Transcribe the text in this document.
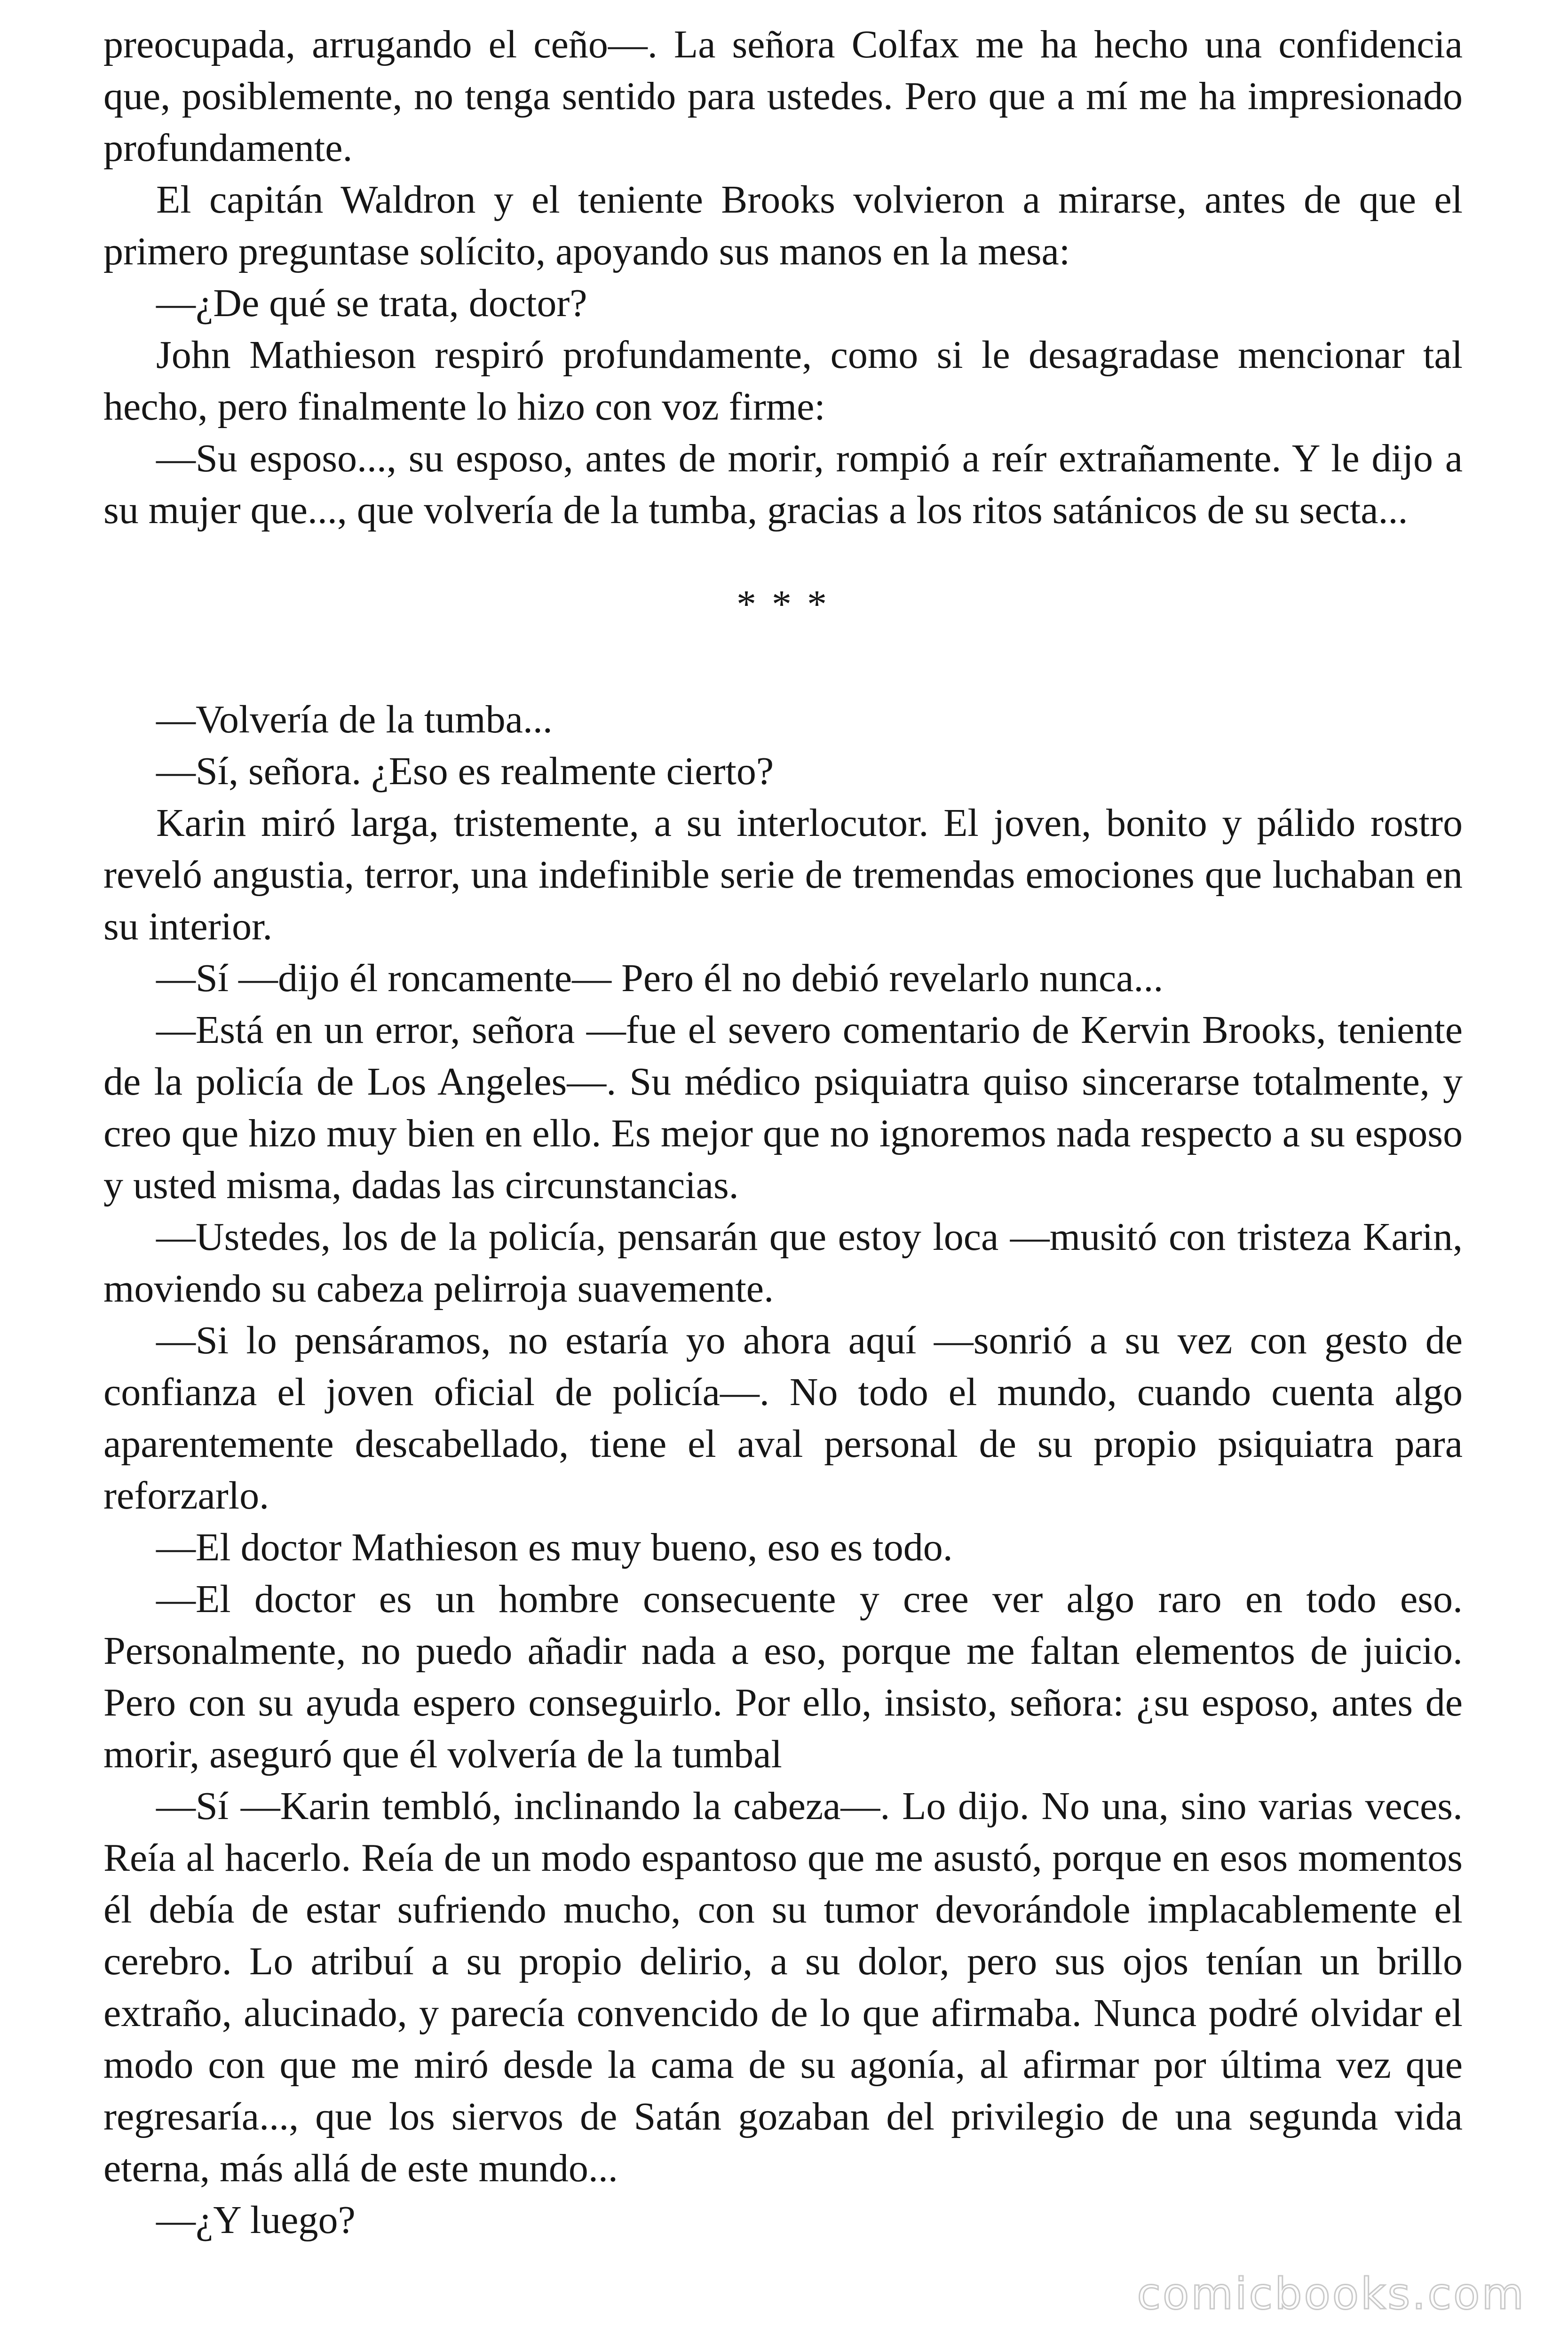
preocupada, arrugando el ceño—. La señora Colfax me ha hecho una confidencia que, posiblemente, no tenga sentido para ustedes. Pero que a mí me ha impresionado profundamente.

El capitán Waldron y el teniente Brooks volvieron a mirarse, antes de que el primero preguntase solícito, apoyando sus manos en la mesa:

—¿De qué se trata, doctor?

John Mathieson respiró profundamente, como si le desagradase mencionar tal hecho, pero finalmente lo hizo con voz firme:

—Su esposo..., su esposo, antes de morir, rompió a reír extrañamente. Y le dijo a su mujer que..., que volvería de la tumba, gracias a los ritos satánicos de su secta...

* * *

—Volvería de la tumba...

—Sí, señora. ¿Eso es realmente cierto?

Karin miró larga, tristemente, a su interlocutor. El joven, bonito y pálido rostro reveló angustia, terror, una indefinible serie de tremendas emociones que luchaban en su interior.

—Sí —dijo él roncamente— Pero él no debió revelarlo nunca...

—Está en un error, señora —fue el severo comentario de Kervin Brooks, teniente de la policía de Los Angeles—. Su médico psiquiatra quiso sincerarse totalmente, y creo que hizo muy bien en ello. Es mejor que no ignoremos nada respecto a su esposo y usted misma, dadas las circunstancias.

—Ustedes, los de la policía, pensarán que estoy loca —musitó con tristeza Karin, moviendo su cabeza pelirroja suavemente.

—Si lo pensáramos, no estaría yo ahora aquí —sonrió a su vez con gesto de confianza el joven oficial de policía—. No todo el mundo, cuando cuenta algo aparentemente descabellado, tiene el aval personal de su propio psiquiatra para reforzarlo.

—El doctor Mathieson es muy bueno, eso es todo.

—El doctor es un hombre consecuente y cree ver algo raro en todo eso. Personalmente, no puedo añadir nada a eso, porque me faltan elementos de juicio. Pero con su ayuda espero conseguirlo. Por ello, insisto, señora: ¿su esposo, antes de morir, aseguró que él volvería de la tumbal

—Sí —Karin tembló, inclinando la cabeza—. Lo dijo. No una, sino varias veces. Reía al hacerlo. Reía de un modo espantoso que me asustó, porque en esos momentos él debía de estar sufriendo mucho, con su tumor devorándole implacablemente el cerebro. Lo atribuí a su propio delirio, a su dolor, pero sus ojos tenían un brillo extraño, alucinado, y parecía convencido de lo que afirmaba. Nunca podré olvidar el modo con que me miró desde la cama de su agonía, al afirmar por última vez que regresaría..., que los siervos de Satán gozaban del privilegio de una segunda vida eterna, más allá de este mundo...

—¿Y luego?

comicbooks.com
